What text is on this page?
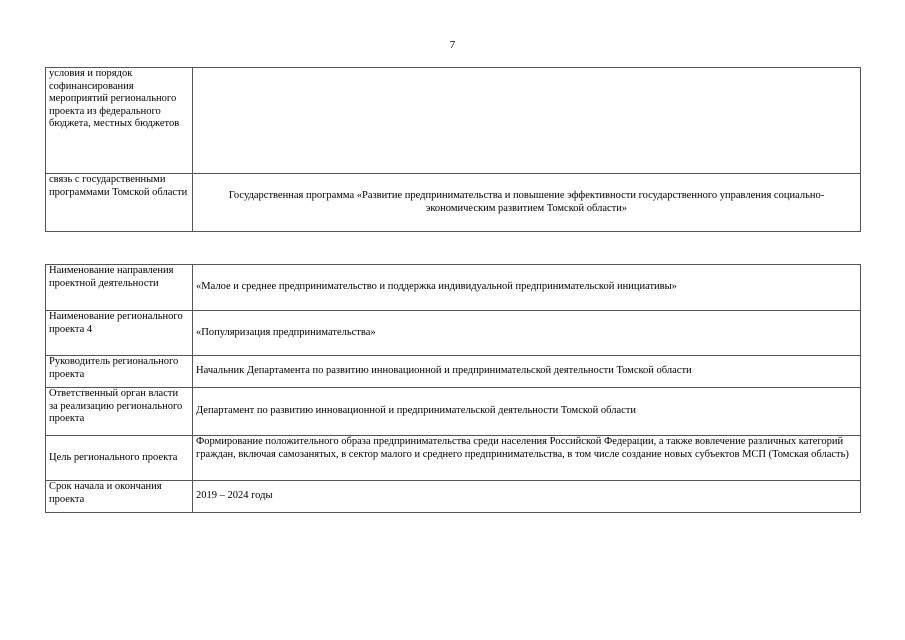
7
условия и порядок софинансирования мероприятий регионального проекта из федерального бюджета, местных бюджетов	
связь с государственными программами Томской области	Государственная программа «Развитие предпринимательства и повышение эффективности государственного управления социально-экономическим развитием Томской области»
Наименование направления проектной деятельности	«Малое и среднее предпринимательство и поддержка индивидуальной предпринимательской инициативы»
Наименование регионального проекта 4	«Популяризация предпринимательства»
Руководитель регионального проекта	Начальник Департамента по развитию инновационной и предпринимательской деятельности Томской области
Ответственный орган власти за реализацию регионального проекта	Департамент по развитию инновационной и предпринимательской деятельности Томской области
Цель регионального проекта	Формирование положительного образа предпринимательства среди населения Российской Федерации, а также вовлечение различных категорий граждан, включая самозанятых, в сектор малого и среднего предпринимательства, в том числе создание новых субъектов МСП (Томская область)
Срок начала и окончания проекта	2019 – 2024 годы
